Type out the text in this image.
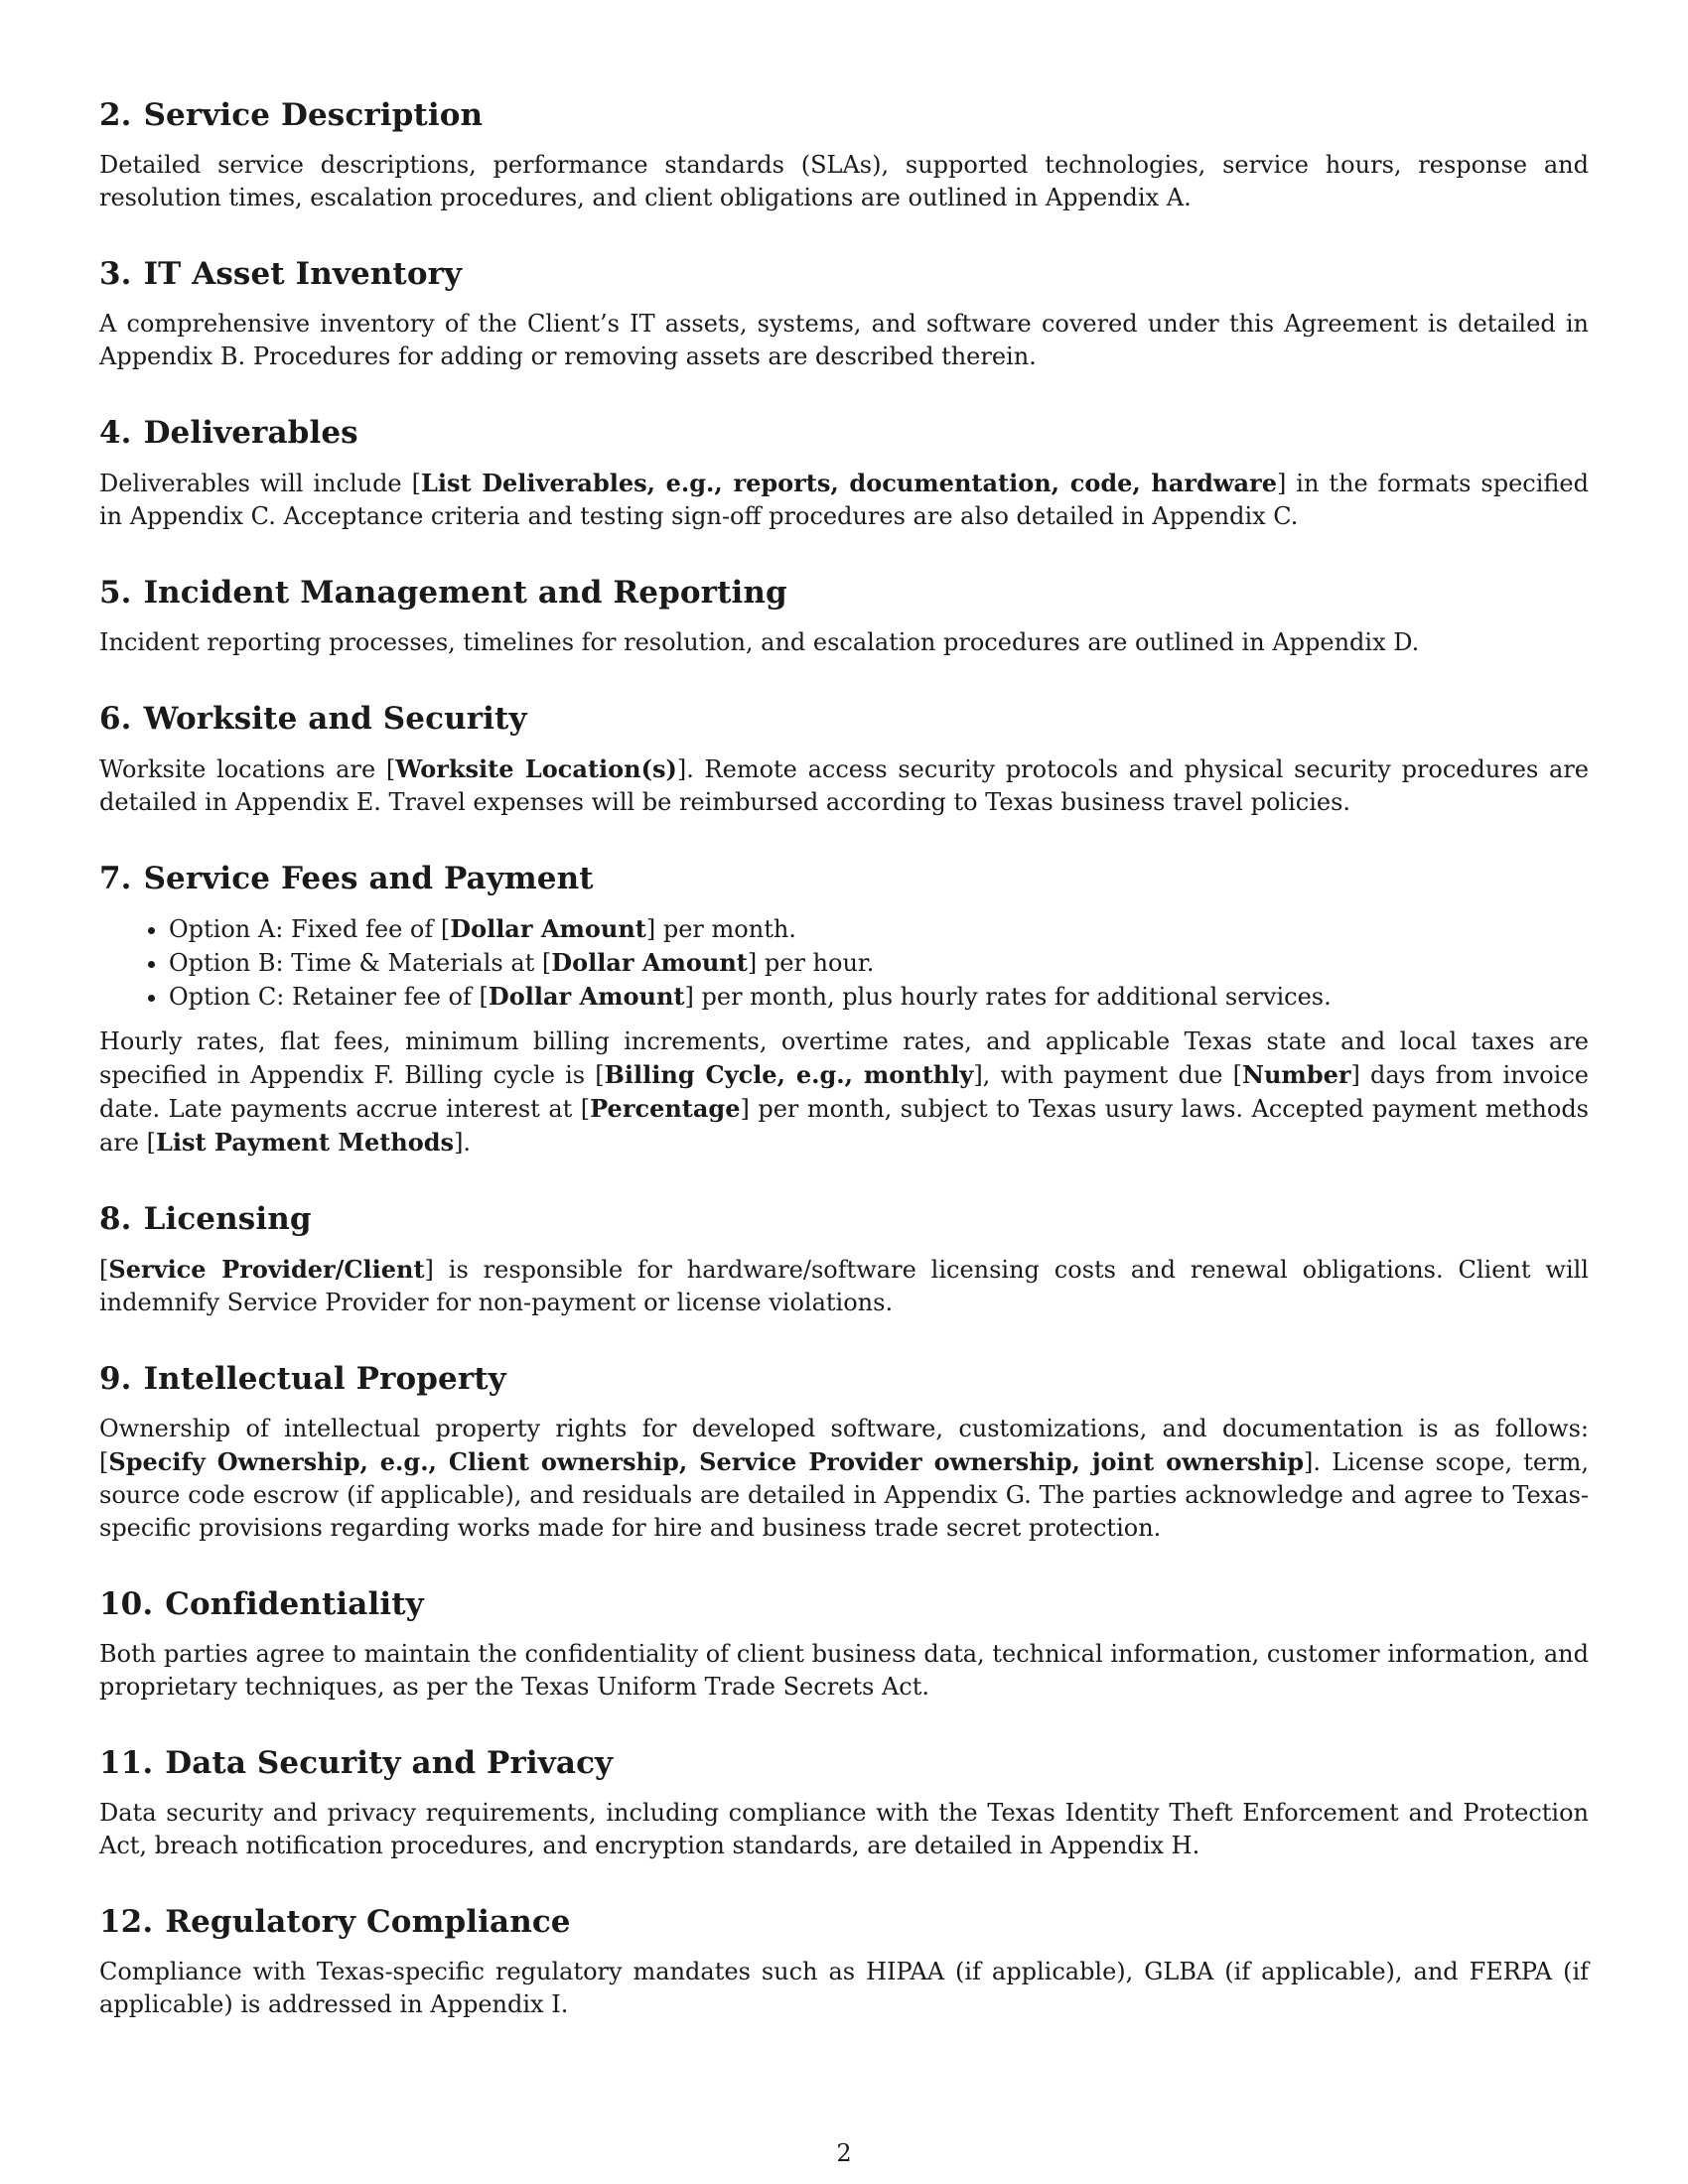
2. Service Description

Detailed service descriptions, performance standards (SLAs), supported technologies, service hours, response and resolution times, escalation procedures, and client obligations are outlined in Appendix A.

3. IT Asset Inventory

A comprehensive inventory of the Client’s IT assets, systems, and software covered under this Agreement is detailed in Appendix B. Procedures for adding or removing assets are described therein.

4. Deliverables

Deliverables will include [List Deliverables, e.g., reports, documentation, code, hardware] in the formats specified in Appendix C. Acceptance criteria and testing sign-off procedures are also detailed in Appendix C.

5. Incident Management and Reporting

Incident reporting processes, timelines for resolution, and escalation procedures are outlined in Appendix D.

6. Worksite and Security

Worksite locations are [Worksite Location(s)]. Remote access security protocols and physical security procedures are detailed in Appendix E. Travel expenses will be reimbursed according to Texas business travel policies.

7. Service Fees and Payment
• Option A: Fixed fee of [Dollar Amount] per month.
• Option B: Time & Materials at [Dollar Amount] per hour.
• Option C: Retainer fee of [Dollar Amount] per month, plus hourly rates for additional services.

Hourly rates, flat fees, minimum billing increments, overtime rates, and applicable Texas state and local taxes are specified in Appendix F. Billing cycle is [Billing Cycle, e.g., monthly], with payment due [Number] days from invoice date. Late payments accrue interest at [Percentage] per month, subject to Texas usury laws. Accepted payment methods are [List Payment Methods].

8. Licensing

[Service Provider/Client] is responsible for hardware/software licensing costs and renewal obligations. Client will indemnify Service Provider for non-payment or license violations.

9. Intellectual Property

Ownership of intellectual property rights for developed software, customizations, and documentation is as follows: [Specify Ownership, e.g., Client ownership, Service Provider ownership, joint ownership]. License scope, term, source code escrow (if applicable), and residuals are detailed in Appendix G. The parties acknowledge and agree to Texas-specific provisions regarding works made for hire and business trade secret protection.

10. Confidentiality

Both parties agree to maintain the confidentiality of client business data, technical information, customer information, and proprietary techniques, as per the Texas Uniform Trade Secrets Act.

11. Data Security and Privacy

Data security and privacy requirements, including compliance with the Texas Identity Theft Enforcement and Protection Act, breach notification procedures, and encryption standards, are detailed in Appendix H.

12. Regulatory Compliance

Compliance with Texas-specific regulatory mandates such as HIPAA (if applicable), GLBA (if applicable), and FERPA (if applicable) is addressed in Appendix I.

2
